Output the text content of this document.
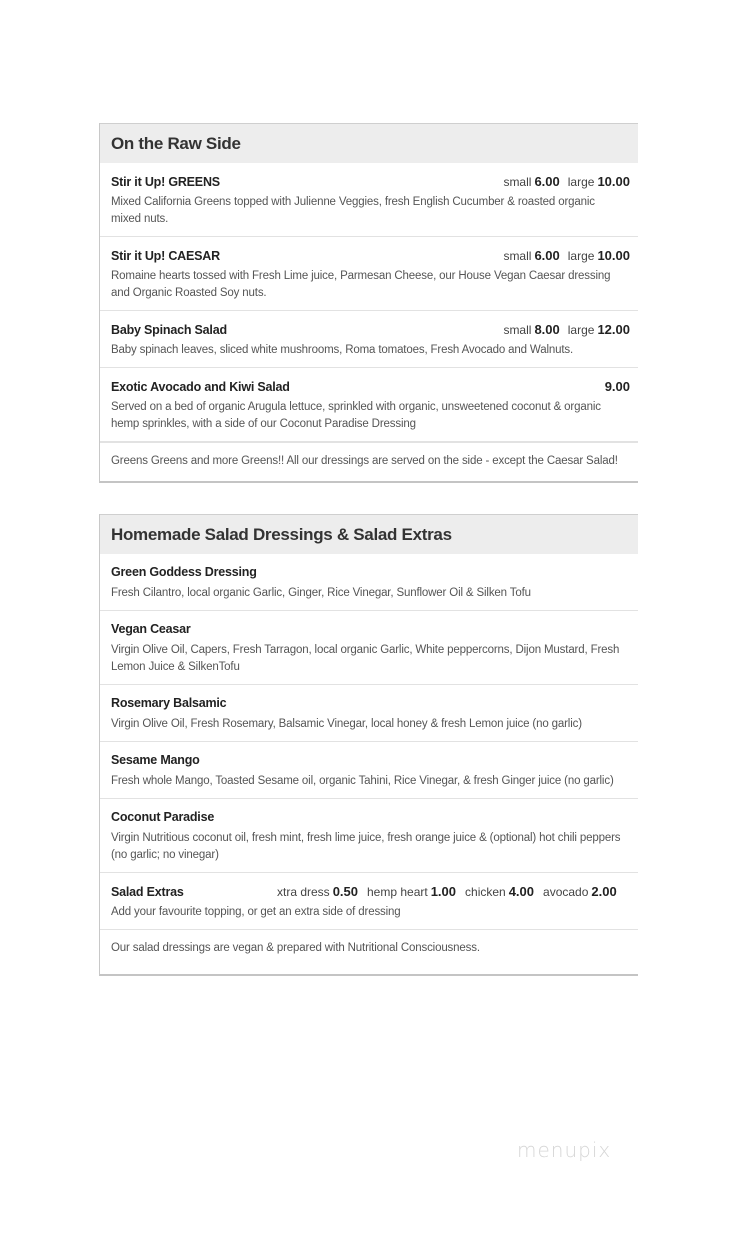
On the Raw Side
Stir it Up! GREENS	small 6.00 large 10.00
Mixed California Greens topped with Julienne Veggies, fresh English Cucumber & roasted organic mixed nuts.
Stir it Up! CAESAR	small 6.00 large 10.00
Romaine hearts tossed with Fresh Lime juice, Parmesan Cheese, our House Vegan Caesar dressing and Organic Roasted Soy nuts.
Baby Spinach Salad	small 8.00 large 12.00
Baby spinach leaves, sliced white mushrooms, Roma tomatoes, Fresh Avocado and Walnuts.
Exotic Avocado and Kiwi Salad	9.00
Served on a bed of organic Arugula lettuce, sprinkled with organic, unsweetened coconut & organic hemp sprinkles, with a side of our Coconut Paradise Dressing
Greens Greens and more Greens!! All our dressings are served on the side - except the Caesar Salad!
Homemade Salad Dressings & Salad Extras
Green Goddess Dressing
Fresh Cilantro, local organic Garlic, Ginger, Rice Vinegar, Sunflower Oil & Silken Tofu
Vegan Ceasar
Virgin Olive Oil, Capers, Fresh Tarragon, local organic Garlic, White peppercorns, Dijon Mustard, Fresh Lemon Juice & SilkenTofu
Rosemary Balsamic
Virgin Olive Oil, Fresh Rosemary, Balsamic Vinegar, local honey & fresh Lemon juice (no garlic)
Sesame Mango
Fresh whole Mango, Toasted Sesame oil, organic Tahini, Rice Vinegar, & fresh Ginger juice (no garlic)
Coconut Paradise
Virgin Nutritious coconut oil, fresh mint, fresh lime juice, fresh orange juice & (optional) hot chili peppers (no garlic; no vinegar)
Salad Extras	xtra dress 0.50 hemp heart 1.00 chicken 4.00 avocado 2.00
Add your favourite topping, or get an extra side of dressing
Our salad dressings are vegan & prepared with Nutritional Consciousness.
menupix
